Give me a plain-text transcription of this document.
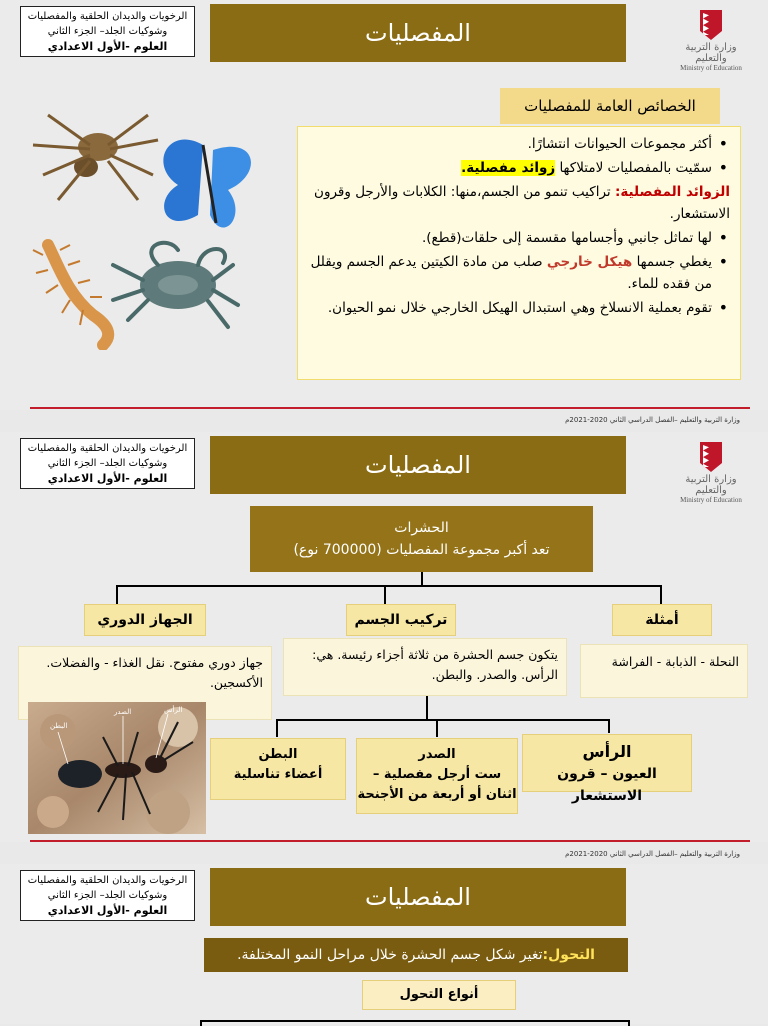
الرخويات والديدان الحلقية والمفصليات
وشوكيات الجلد– الجزء الثاني
العلوم -الأول الاعدادي	المفصليات
وزارة التربية والتعليم
Ministry of Education
الخصائص العامة للمفصليات
• أكثر مجموعات الحيوانات انتشارًا.
• سمّيت بالمفصليات لامتلاكها زوائد مفصلية.
الزوائد المفصلية: تراكيب تنمو من الجسم،منها: الكلابات والأرجل وقرون الاستشعار.
• لها تماثل جانبي وأجسامها مقسمة إلى حلقات(قطع).
• يغطي جسمها هيكل خارجي صلب من مادة الكيتين يدعم الجسم ويقلل من فقده للماء.
• تقوم بعملية الانسلاخ وهي استبدال الهيكل الخارجي خلال نمو الحيوان.
وزارة التربية والتعليم –الفصل الدراسي الثاني 2020-2021م
الرخويات والديدان الحلقية والمفصليات
وشوكيات الجلد– الجزء الثاني
العلوم -الأول الاعدادي	المفصليات
وزارة التربية والتعليم
Ministry of Education
الحشرات
تعد أكبر مجموعة المفصليات (700000 نوع)
الجهاز الدوري	تركيب الجسم	أمثلة
جهاز دوري مفتوح. نقل الغذاء - والفضلات. الأكسجين.
يتكون جسم الحشرة من ثلاثة أجزاء رئيسة. هي: الرأس. والصدر. والبطن.
النحلة - الذبابة - الفراشة
البطن
الصدر	الرأس
البطن
أعضاء تناسلية
الصدر
ست أرجل مفصلية – اثنان أو أربعة من الأجنحة
الرأس
العيون – قرون الاستشعار
وزارة التربية والتعليم –الفصل الدراسي الثاني 2020-2021م
الرخويات والديدان الحلقية والمفصليات
وشوكيات الجلد– الجزء الثاني
العلوم -الأول الاعدادي	المفصليات
التحول:
تغير شكل جسم الحشرة خلال مراحل النمو المختلفة.
أنواع التحول
